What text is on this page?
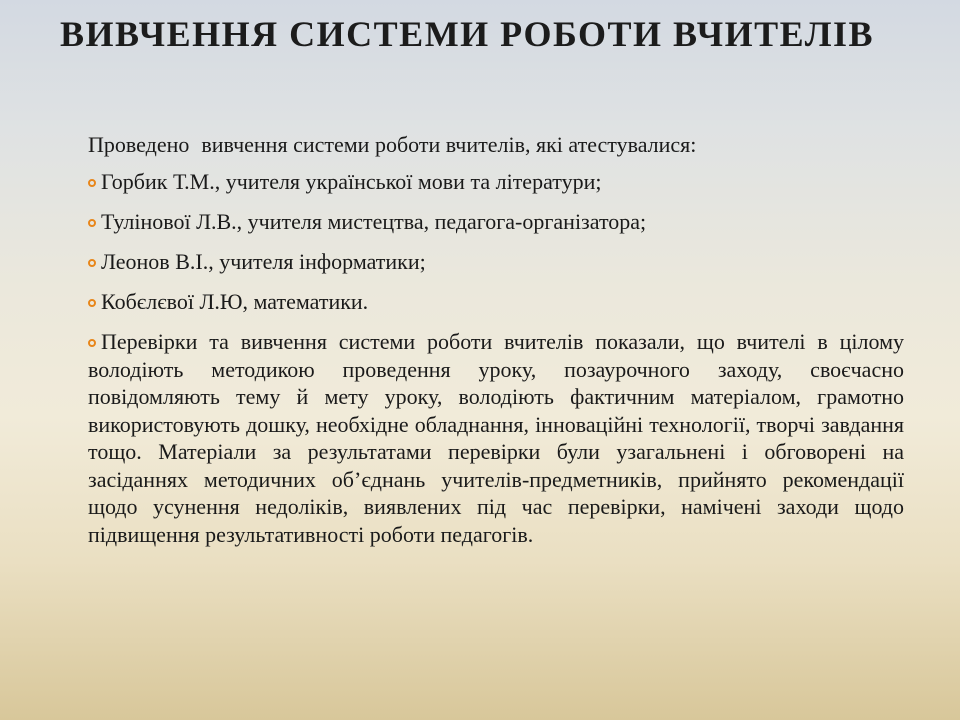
ВИВЧЕННЯ СИСТЕМИ РОБОТИ ВЧИТЕЛІВ

Проведено вивчення системи роботи вчителів, які атестувалися:

Горбик Т.М., учителя української мови та літератури;
Тулінової Л.В., учителя мистецтва, педагога-організатора;
Леонов В.І., учителя інформатики;
Кобєлєвої Л.Ю, математики.
Перевірки та вивчення системи роботи вчителів показали, що вчителі в цілому володіють методикою проведення уроку, позаурочного заходу, своєчасно повідомляють тему й мету уроку, володіють фактичним матеріалом, грамотно використовують дошку, необхідне обладнання, інноваційні технології, творчі завдання тощо. Матеріали за результатами перевірки були узагальнені і обговорені на засіданнях методичних об’єднань учителів-предметників, прийнято рекомендації щодо усунення недоліків, виявлених під час перевірки, намічені заходи щодо підвищення результативності роботи педагогів.
